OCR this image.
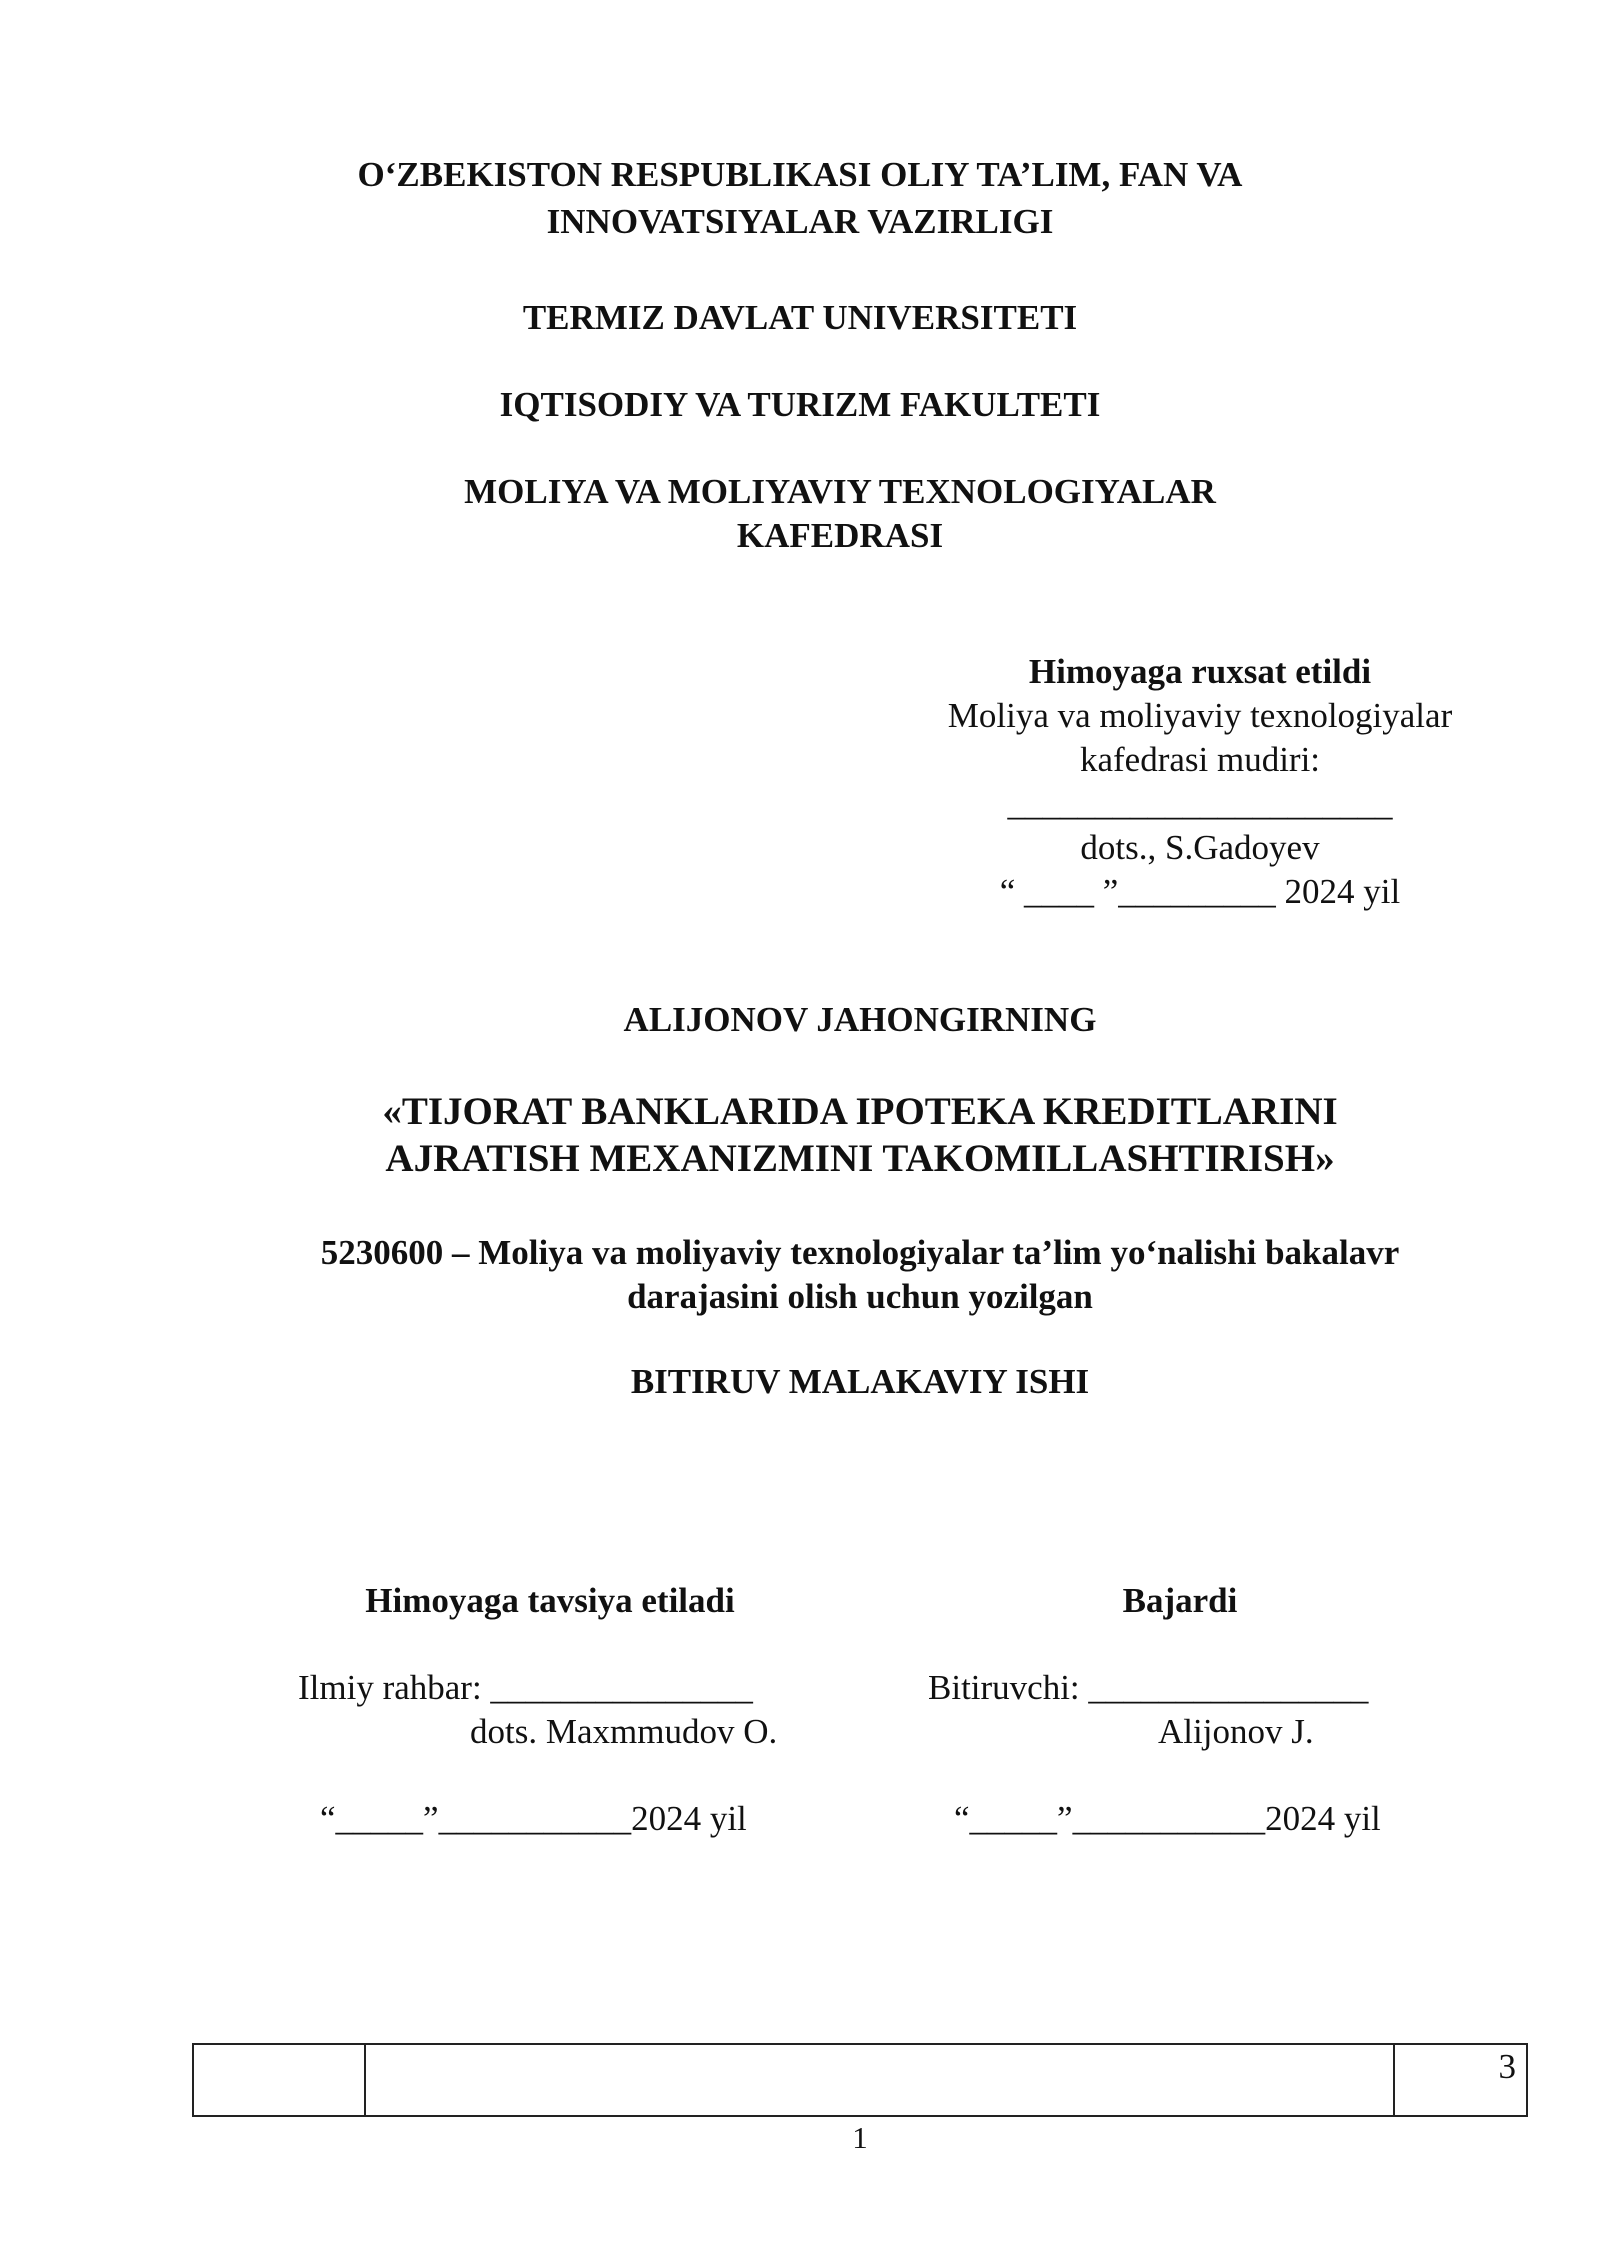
O‘ZBEKISTON RESPUBLIKASI OLIY TA’LIM, FAN VA
INNOVATSIYALAR VAZIRLIGI
TERMIZ DAVLAT UNIVERSITETI
IQTISODIY VA TURIZM FAKULTETI
MOLIYA VA MOLIYAVIY TEXNOLOGIYALAR
KAFEDRASI
Himoyaga ruxsat etildi
Moliya va moliyaviy texnologiyalar
kafedrasi mudiri:
______________________
dots., S.Gadoyev
“ ____ ”_________ 2024 yil
ALIJONOV JAHONGIRNING
«TIJORAT BANKLARIDA IPOTEKA KREDITLARINI
AJRATISH MEXANIZMINI TAKOMILLASHTIRISH»
5230600 – Moliya va moliyaviy texnologiyalar ta’lim yo‘nalishi bakalavr
darajasini olish uchun yozilgan
BITIRUV MALAKAVIY ISHI
Himoyaga tavsiya etiladi
Ilmiy rahbar: _______________
dots. Maxmmudov O.
“_____”___________2024 yil
Bajardi
Bitiruvchi: ________________
Alijonov J.
“_____”___________2024 yil
3
1
